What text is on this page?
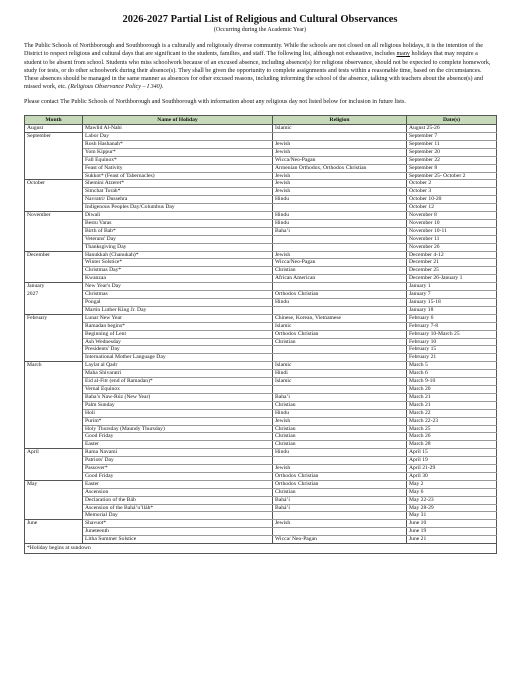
2026-2027 Partial List of Religious and Cultural Observances

(Occurring during the Academic Year)

The Public Schools of Northborough and Southborough is a culturally and religiously diverse community. While the schools are not closed on all religious holidays, it is the intention of the District to respect religious and cultural days that are significant to the students, families, and staff. The following list, although not exhaustive, includes many holidays that may require a student to be absent from school. Students who miss schoolwork because of an excused absence, including absence(s) for religious observance, should not be expected to complete homework, study for tests, or do other schoolwork during their absence(s). They shall be given the opportunity to complete assignments and tests within a reasonable time, based on the circumstances. These absences should be managed in the same manner as absences for other excused reasons, including informing the school of the absence, talking with teachers about the absence(s) and missed work, etc. (Religious Observance Policy – I 340).

Please contact The Public Schools of Northborough and Southborough with information about any religious day not listed below for inclusion in future lists.

Month	Name of Holiday	Religion	Date(s)
August	Mawlid Al-Nabi	Islamic	August 25-26
September	Labor Day		September 7
	Rosh Hashanah*	Jewish	September 11
	Yom Kippur*	Jewish	September 20
	Fall Equinox*	Wicca/Neo-Pagan	September 22
	Feast of Nativity	Armenian Orthodox, Orthodox Christian	September 8
	Sukkot* (Feast of Tabernacles)	Jewish	September 25- October 2
October	Shemini Atzeret*	Jewish	October 2
	Simchat Torah*	Jewish	October 3
	Navratri/ Dussehra	Hindu	October 10-20
	Indigenous Peoples Day/Columbus Day		October 12
November	Diwali	Hindu	November 8
	Bestu Varas	Hindu	November 10
	Birth of Bab*	Baha’i	November 10-11
	Veterans' Day		November 11
	Thanksgiving Day		November 26
December	Hanukkah (Chanukah)*	Jewish	December 4-12
	Winter Solstice*	Wicca/Neo-Pagan	December 21
	Christmas Day*	Christian	December 25
	Kwanzaa	African American	December 26-January 1
January	New Year's Day		January 1
2027	Christmas	Orthodox Christian	January 7
	Pongal	Hindu	January 15-18
	Martin Luther King Jr. Day		January 18
February	Lunar New Year	Chinese, Korean, Vietnamese	February 6
	Ramadan begins*	Islamic	February 7-8
	Beginning of Lent	Orthodox Christian	February 10-March 25
	Ash Wednesday	Christian	February 10
	Presidents' Day		February 15
	International Mother Language Day		February 21
March	Laylat al Qadr	Islamic	March 5
	Maha Shivaratri	Hindi	March 6
	Eid al-Fitr (end of Ramadan)*	Islamic	March 9-10
	Vernal Equinox		March 20
	Baha’s Naw-Rúz (New Year)	Baha’i	March 21
	Palm Sunday	Christian	March 21
	Holi	Hindu	March 22
	Purim*	Jewish	March 22-23
	Holy Thursday (Maundy Thursday)	Christian	March 25
	Good Friday	Christian	March 26
	Easter	Christian	March 28
April	Rama Navami	Hindu	April 15
	Patriots' Day		April 19
	Passover*	Jewish	April 21-29
	Good Friday	Orthodox Christian	April 30
May	Easter	Orthodox Christian	May 2
	Ascension	Christian	May 6
	Declaration of the Báb	Bahá’í	May 22-23
	Ascension of the Bahá’u’lláh*	Bahá’í	May 28-29
	Memorial Day		May 31
June	Shavuot*	Jewish	June 10
	Juneteenth		June 19
	Litha Summer Solstice	Wicca/ Neo-Pagan	June 21
*Holiday begins at sundown			
